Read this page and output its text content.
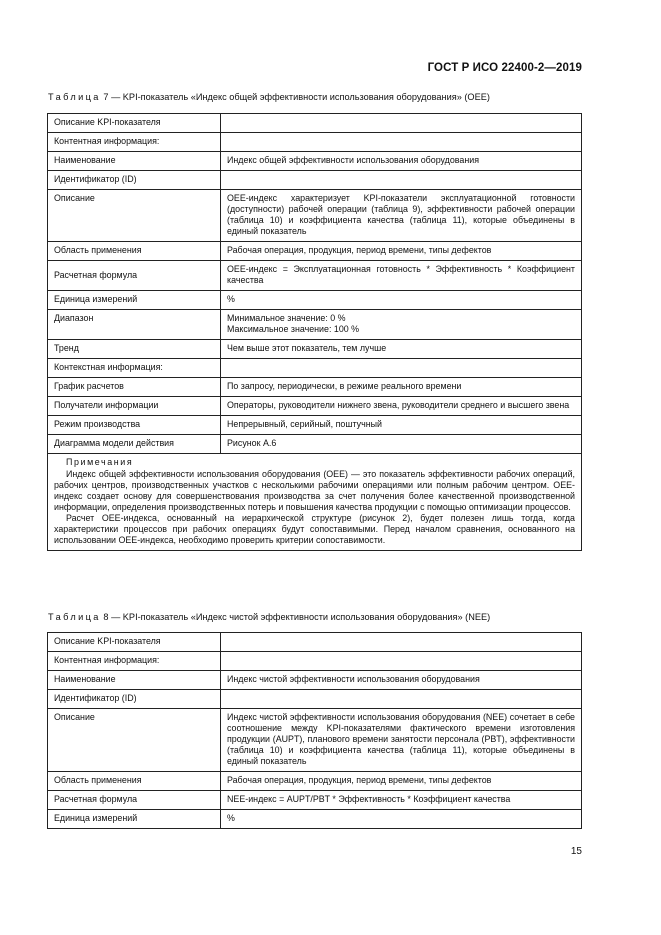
ГОСТ Р ИСО 22400-2—2019
Таблица 7 — KPI-показатель «Индекс общей эффективности использования оборудования» (OEE)
Описание KPI-показателя	
Контентная информация:	
Наименование	Индекс общей эффективности использования оборудования
Идентификатор (ID)	
Описание	ОЕЕ-индекс характеризует KPI-показатели эксплуатационной готовности (доступности) рабочей операции (таблица 9), эффективности рабочей операции (таблица 10) и коэффициента качества (таблица 11), которые объединены в единый показатель
Область применения	Рабочая операция, продукция, период времени, типы дефектов
Расчетная формула	ОЕЕ-индекс = Эксплуатационная готовность * Эффективность * Коэффициент качества
Единица измерений	%
Диапазон	Минимальное значение: 0 %
Максимальное значение: 100 %
Тренд	Чем выше этот показатель, тем лучше
Контекстная информация:	
График расчетов	По запросу, периодически, в режиме реального времени
Получатели информации	Операторы, руководители нижнего звена, руководители среднего и высшего звена
Режим производства	Непрерывный, серийный, поштучный
Диаграмма модели действия	Рисунок А.6

Примечания
Индекс общей эффективности использования оборудования (OEE) — это показатель эффективности рабочих операций, рабочих центров, производственных участков с несколькими рабочими операциями или полным рабочим центром. OEE-индекс создает основу для совершенствования производства за счет получения более качественной производственной информации, определения производственных потерь и повышения качества продукции с помощью оптимизации процессов.
Расчет OEE-индекса, основанный на иерархической структуре (рисунок 2), будет полезен лишь тогда, когда характеристики процессов при рабочих операциях будут сопоставимыми. Перед началом сравнения, основанного на использовании OEE-индекса, необходимо проверить критерии сопоставимости.	
Таблица 8 — KPI-показатель «Индекс чистой эффективности использования оборудования» (NEE)
Описание KPI-показателя	
Контентная информация:	
Наименование	Индекс чистой эффективности использования оборудования
Идентификатор (ID)	
Описание	Индекс чистой эффективности использования оборудования (NEE) сочетает в себе соотношение между KPI-показателями фактического времени изготовления продукции (AUPT), планового времени занятости персонала (PBT), эффективности (таблица 10) и коэффициента качества (таблица 11), которые объединены в единый показатель
Область применения	Рабочая операция, продукция, период времени, типы дефектов
Расчетная формула	NEE-индекс = AUPT/PBT * Эффективность * Коэффициент качества
Единица измерений	%
15
